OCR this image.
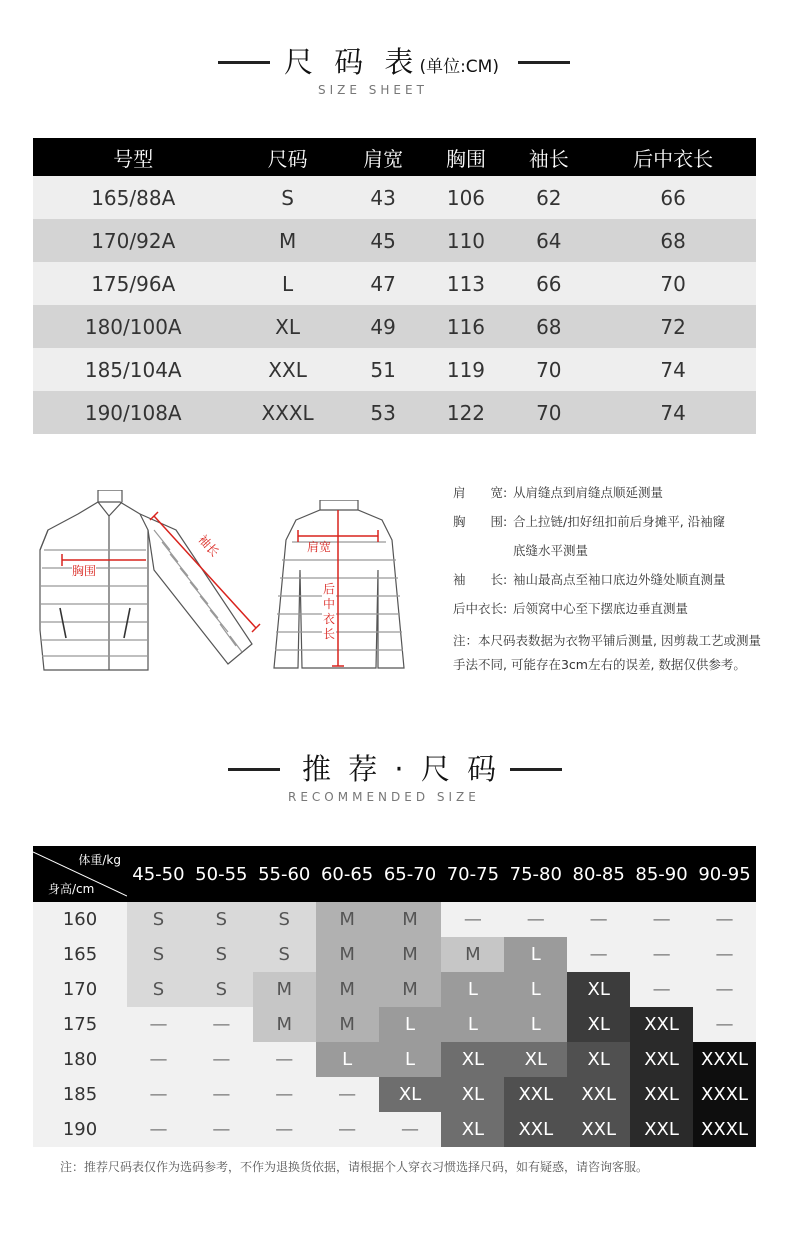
尺 码 表(单位:CM)
SIZE SHEET
号型	尺码	肩宽	胸围	袖长	后中衣长
165/88A	S	43	106	62	66
170/92A	M	45	110	64	68
175/96A	L	47	113	66	70
180/100A	XL	49	116	68	72
185/104A	XXL	51	119	70	74
190/108A	XXXL	53	122	70	74
胸围
袖长	肩宽
后
中
衣
长
肩　　宽: 从肩缝点到肩缝点顺延测量
胸　　围: 合上拉链/扣好纽扣前后身摊平, 沿袖窿
底缝水平测量
袖　　长: 袖山最高点至袖口底边外缝处顺直测量
后中衣长: 后领窝中心至下摆底边垂直测量
注：本尺码表数据为衣物平铺后测量, 因剪裁工艺或测量手法不同, 可能存在3cm左右的误差, 数据仅供参考。
推 荐 · 尺 码
RECOMMENDED SIZE
体重/kg
身高/cm	45-50	50-55	55-60	60-65	65-70	70-75	75-80	80-85	85-90	90-95
160	S	S	S	M	M	—	—	—	—	—
165	S	S	S	M	M	M	L	—	—	—
170	S	S	M	M	M	L	L	XL	—	—
175	—	—	M	M	L	L	L	XL	XXL	—
180	—	—	—	L	L	XL	XL	XL	XXL	XXXL
185	—	—	—	—	XL	XL	XXL	XXL	XXL	XXXL
190	—	—	—	—	—	XL	XXL	XXL	XXL	XXXL
注：推荐尺码表仅作为选码参考，不作为退换货依据，请根据个人穿衣习惯选择尺码，如有疑惑，请咨询客服。
